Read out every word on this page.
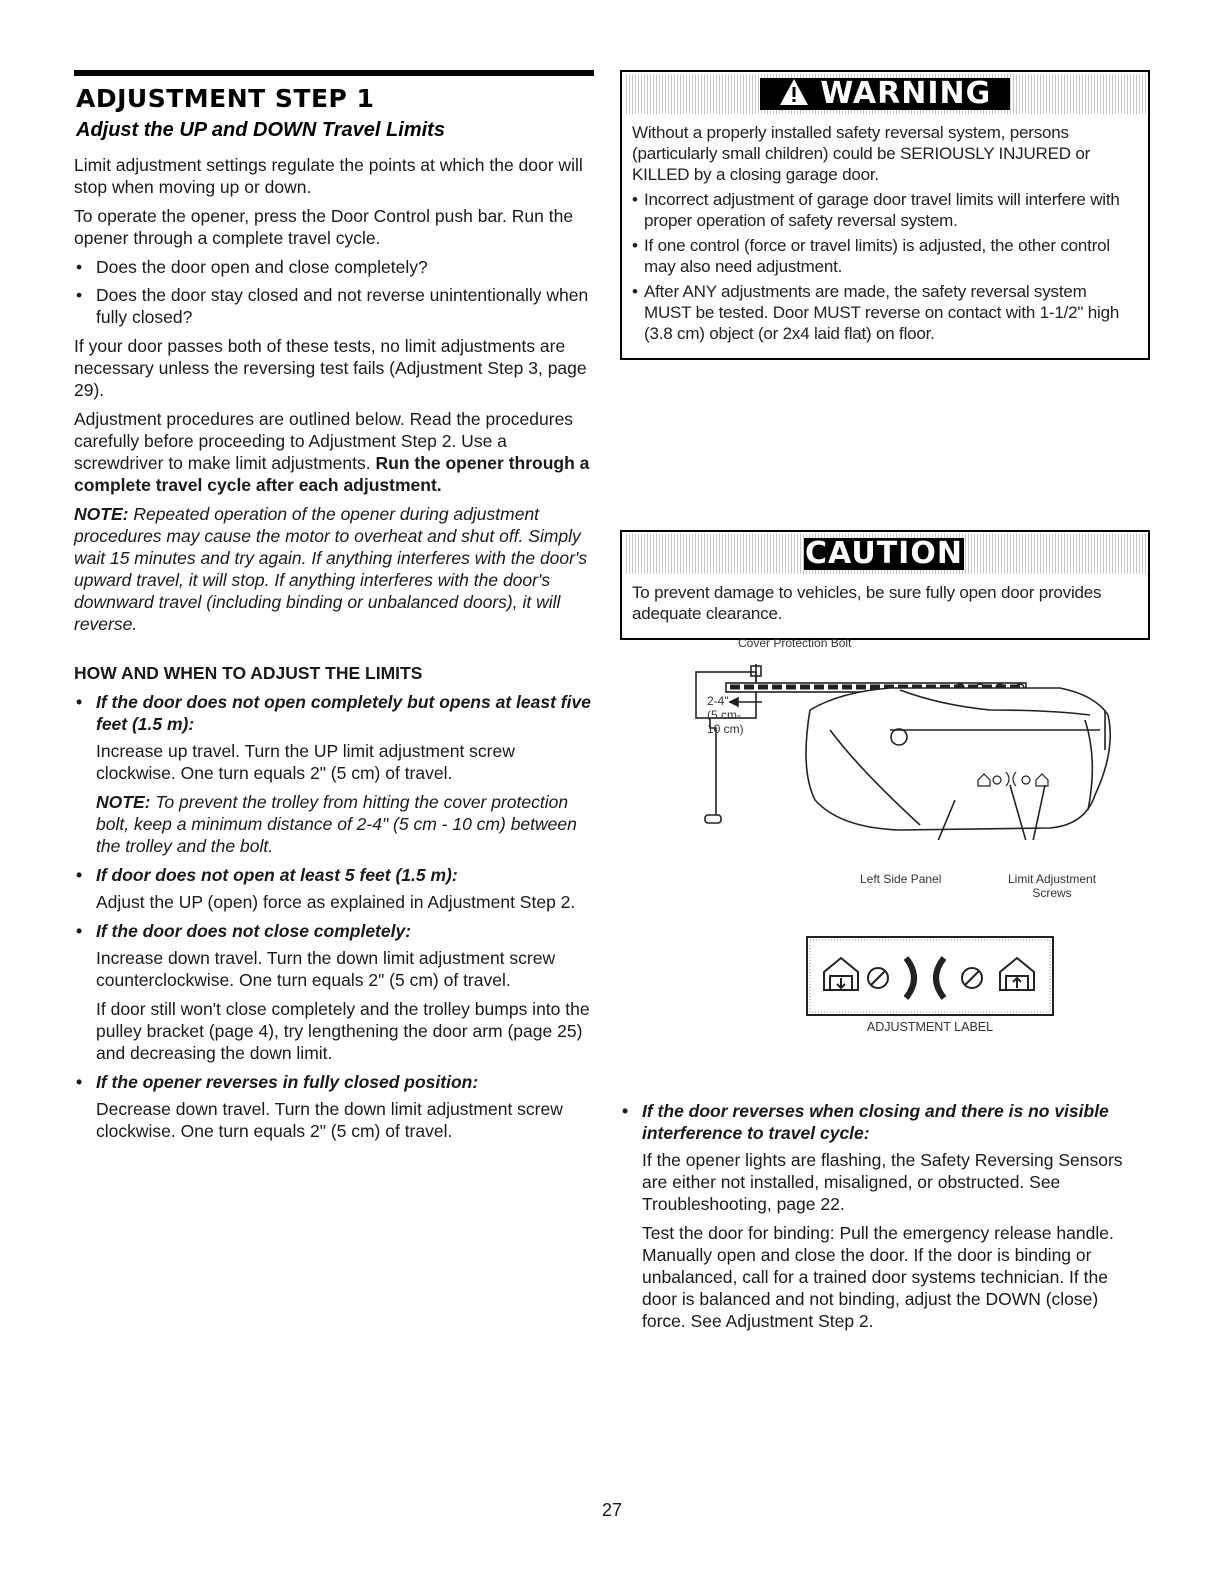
ADJUSTMENT STEP 1
Adjust the UP and DOWN Travel Limits

Limit adjustment settings regulate the points at which the door will stop when moving up or down.

To operate the opener, press the Door Control push bar. Run the opener through a complete travel cycle.

• Does the door open and close completely?
• Does the door stay closed and not reverse unintentionally when fully closed?

If your door passes both of these tests, no limit adjustments are necessary unless the reversing test fails (Adjustment Step 3, page 29).

Adjustment procedures are outlined below. Read the procedures carefully before proceeding to Adjustment Step 2. Use a screwdriver to make limit adjustments. Run the opener through a complete travel cycle after each adjustment.

NOTE: Repeated operation of the opener during adjustment procedures may cause the motor to overheat and shut off. Simply wait 15 minutes and try again. If anything interferes with the door's upward travel, it will stop. If anything interferes with the door's downward travel (including binding or unbalanced doors), it will reverse.

HOW AND WHEN TO ADJUST THE LIMITS
• If the door does not open completely but opens at least five feet (1.5 m):

Increase up travel. Turn the UP limit adjustment screw clockwise. One turn equals 2" (5 cm) of travel.

NOTE: To prevent the trolley from hitting the cover protection bolt, keep a minimum distance of 2-4" (5 cm - 10 cm) between the trolley and the bolt.

• If door does not open at least 5 feet (1.5 m):

Adjust the UP (open) force as explained in Adjustment Step 2.

• If the door does not close completely:

Increase down travel. Turn the down limit adjustment screw counterclockwise. One turn equals 2" (5 cm) of travel.

If door still won't close completely and the trolley bumps into the pulley bracket (page 4), try lengthening the door arm (page 25) and decreasing the down limit.

• If the opener reverses in fully closed position:

Decrease down travel. Turn the down limit adjustment screw clockwise. One turn equals 2" (5 cm) of travel.

WARNING

Without a properly installed safety reversal system, persons (particularly small children) could be SERIOUSLY INJURED or KILLED by a closing garage door.

• Incorrect adjustment of garage door travel limits will interfere with proper operation of safety reversal system.

• If one control (force or travel limits) is adjusted, the other control may also need adjustment.

• After ANY adjustments are made, the safety reversal system MUST be tested. Door MUST reverse on contact with 1-1/2" high (3.8 cm) object (or 2x4 laid flat) on floor.

CAUTION

To prevent damage to vehicles, be sure fully open door provides adequate clearance.

Cover Protection Bolt
2-4"
(5 cm-
10 cm)
Left Side Panel	Limit Adjustment
Screws
ADJUSTMENT LABEL
• If the door reverses when closing and there is no visible interference to travel cycle:

If the opener lights are flashing, the Safety Reversing Sensors are either not installed, misaligned, or obstructed. See Troubleshooting, page 22.

Test the door for binding: Pull the emergency release handle. Manually open and close the door. If the door is binding or unbalanced, call for a trained door systems technician. If the door is balanced and not binding, adjust the DOWN (close) force. See Adjustment Step 2.

27
